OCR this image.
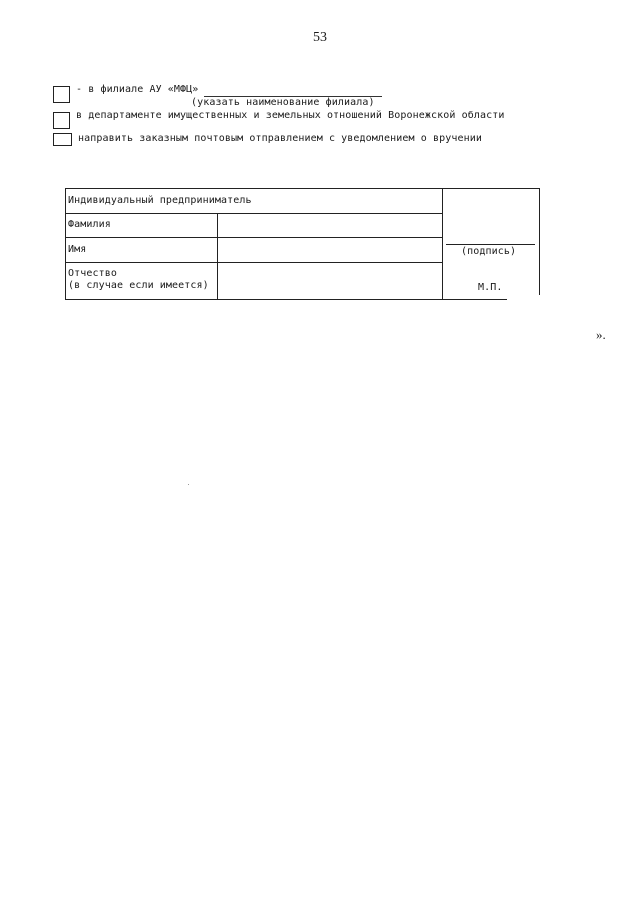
53
- в филиале АУ «МФЦ»
(указать наименование филиала)
в департаменте имущественных и земельных отношений Воронежской области
направить заказным почтовым отправлением с уведомлением о вручении
Индивидуальный предприниматель
Фамилия
Имя
Отчество
(в случае если имеется)
(подпись)
М.П.
».
